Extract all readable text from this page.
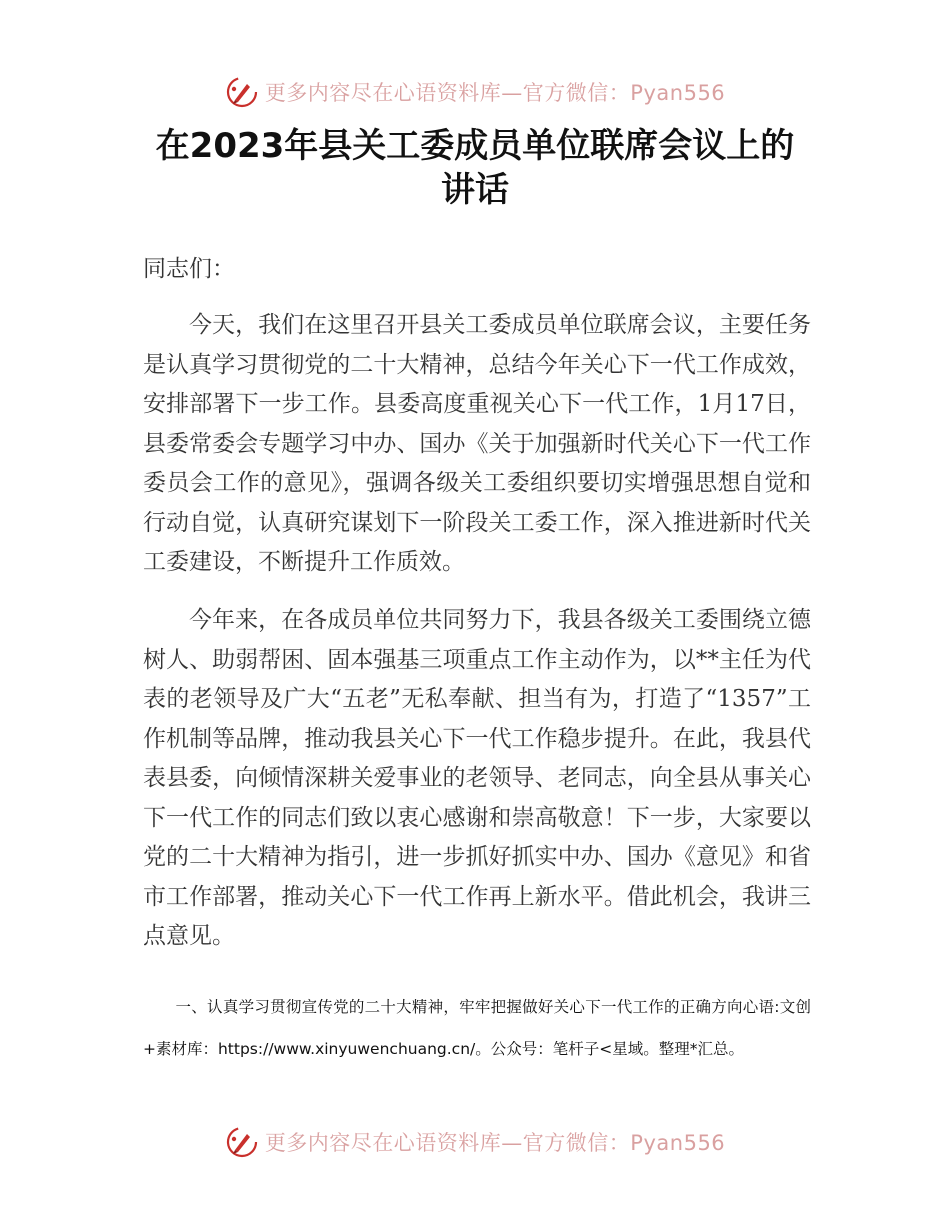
更多内容尽在心语资料库—官方微信：Pyan556
在2023年县关工委成员单位联席会议上的
讲话
同志们：

今天，我们在这里召开县关工委成员单位联席会议，主要任务是认真学习贯彻党的二十大精神，总结今年关心下一代工作成效，安排部署下一步工作。县委高度重视关心下一代工作，1月17日，县委常委会专题学习中办、国办《关于加强新时代关心下一代工作委员会工作的意见》，强调各级关工委组织要切实增强思想自觉和行动自觉，认真研究谋划下一阶段关工委工作，深入推进新时代关工委建设，不断提升工作质效。

今年来，在各成员单位共同努力下，我县各级关工委围绕立德树人、助弱帮困、固本强基三项重点工作主动作为，以**主任为代表的老领导及广大“五老”无私奉献、担当有为，打造了“1357”工作机制等品牌，推动我县关心下一代工作稳步提升。在此，我县代表县委，向倾情深耕关爱事业的老领导、老同志，向全县从事关心下一代工作的同志们致以衷心感谢和崇高敬意！下一步，大家要以党的二十大精神为指引，进一步抓好抓实中办、国办《意见》和省市工作部署，推动关心下一代工作再上新水平。借此机会，我讲三点意见。

一、认真学习贯彻宣传党的二十大精神，牢牢把握做好关心下一代工作的正确方向心语:文创+素材库：https://www.xinyuwenchuang.cn/。公众号：笔杆子<星域。整理*汇总。

更多内容尽在心语资料库—官方微信：Pyan556
